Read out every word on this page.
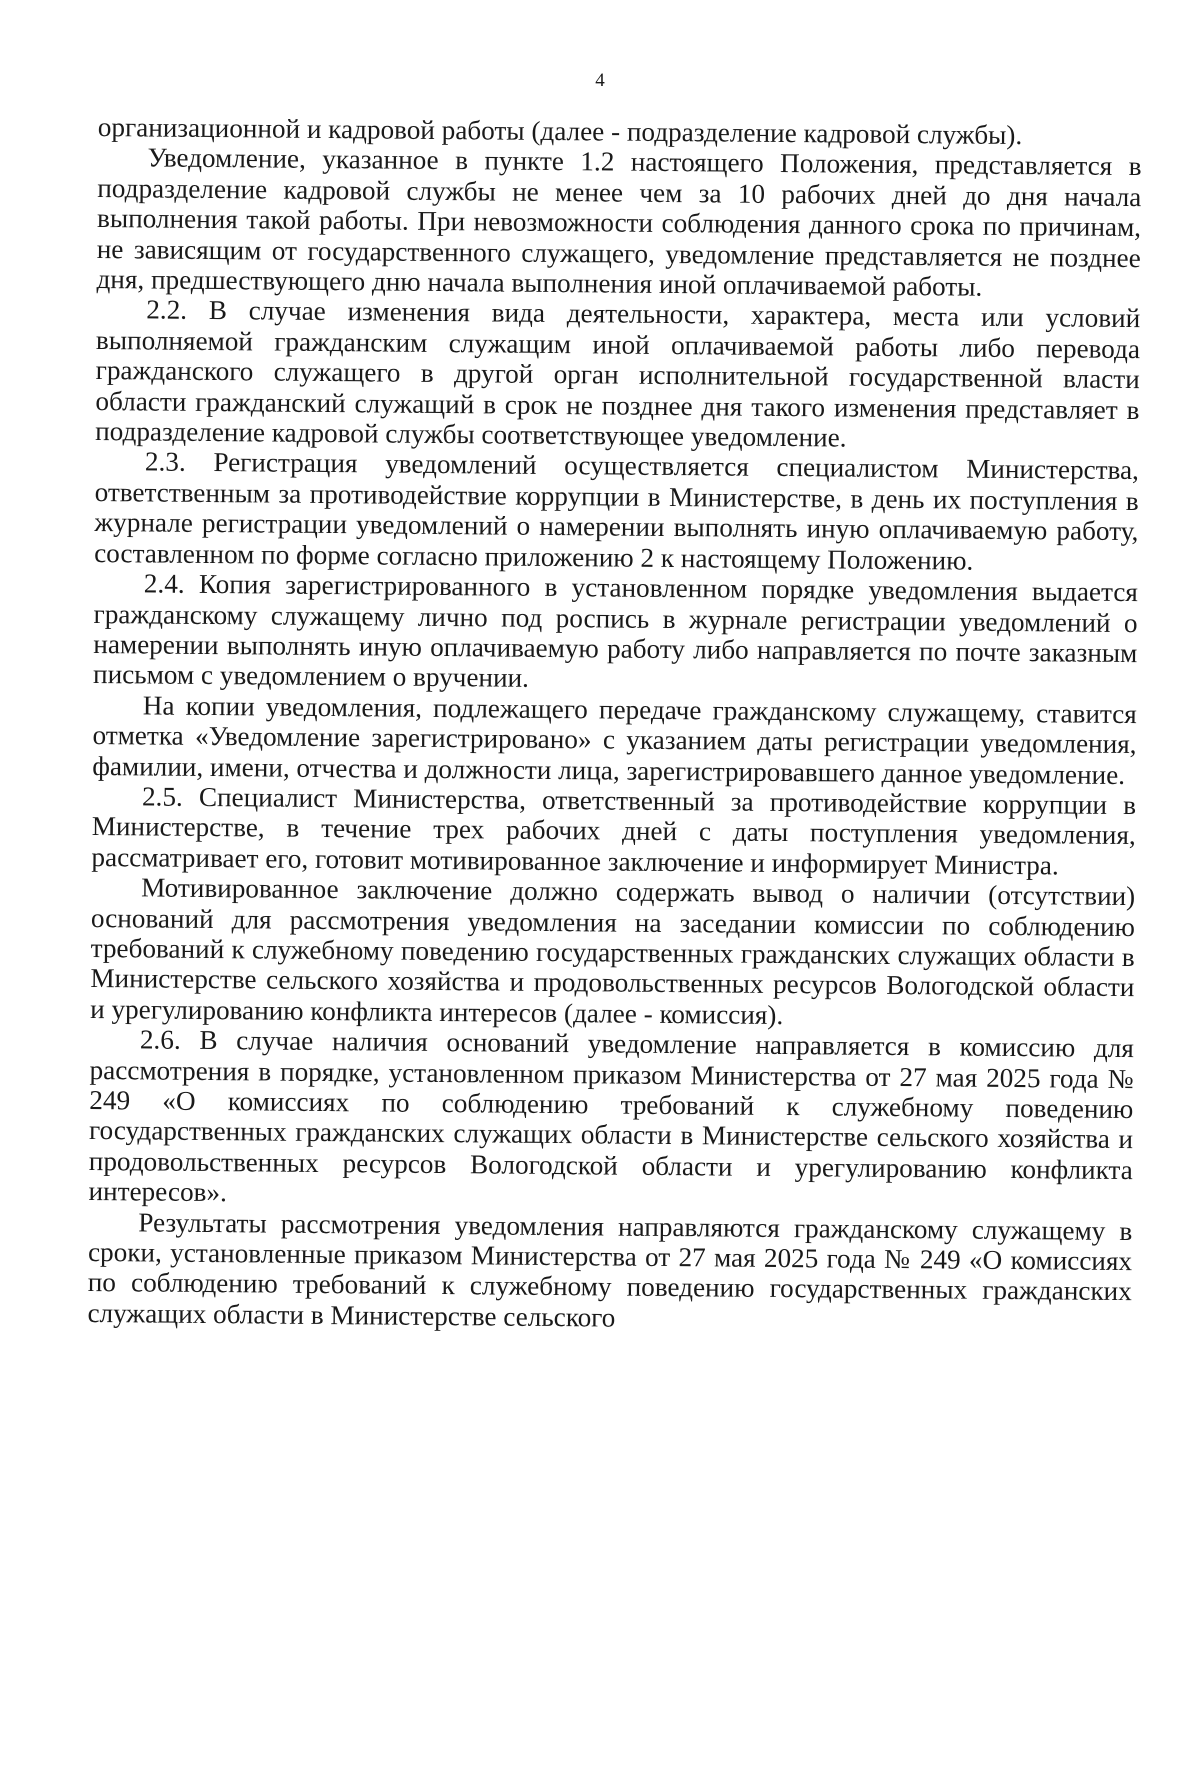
4

организационной и кадровой работы (далее - подразделение кадровой службы).

Уведомление, указанное в пункте 1.2 настоящего Положения, представляется в подразделение кадровой службы не менее чем за 10 рабочих дней до дня начала выполнения такой работы. При невозможности соблюдения данного срока по причинам, не зависящим от государственного служащего, уведомление представляется не позднее дня, предшествующего дню начала выполнения иной оплачиваемой работы.

2.2. В случае изменения вида деятельности, характера, места или условий выполняемой гражданским служащим иной оплачиваемой работы либо перевода гражданского служащего в другой орган исполнительной государственной власти области гражданский служащий в срок не позднее дня такого изменения представляет в подразделение кадровой службы соответствующее уведомление.

2.3. Регистрация уведомлений осуществляется специалистом Министерства, ответственным за противодействие коррупции в Министерстве, в день их поступления в журнале регистрации уведомлений о намерении выполнять иную оплачиваемую работу, составленном по форме согласно приложению 2 к настоящему Положению.

2.4. Копия зарегистрированного в установленном порядке уведомления выдается гражданскому служащему лично под роспись в журнале регистрации уведомлений о намерении выполнять иную оплачиваемую работу либо направляется по почте заказным письмом с уведомлением о вручении.

На копии уведомления, подлежащего передаче гражданскому служащему, ставится отметка «Уведомление зарегистрировано» с указанием даты регистрации уведомления, фамилии, имени, отчества и должности лица, зарегистрировавшего данное уведомление.

2.5. Специалист Министерства, ответственный за противодействие коррупции в Министерстве, в течение трех рабочих дней с даты поступления уведомления, рассматривает его, готовит мотивированное заключение и информирует Министра.

Мотивированное заключение должно содержать вывод о наличии (отсутствии) оснований для рассмотрения уведомления на заседании комиссии по соблюдению требований к служебному поведению государственных гражданских служащих области в Министерстве сельского хозяйства и продовольственных ресурсов Вологодской области и урегулированию конфликта интересов (далее - комиссия).

2.6. В случае наличия оснований уведомление направляется в комиссию для рассмотрения в порядке, установленном приказом Министерства от 27 мая 2025 года № 249 «О комиссиях по соблюдению требований к служебному поведению государственных гражданских служащих области в Министерстве сельского хозяйства и продовольственных ресурсов Вологодской области и урегулированию конфликта интересов».

Результаты рассмотрения уведомления направляются гражданскому служащему в сроки, установленные приказом Министерства от 27 мая 2025 года № 249 «О комиссиях по соблюдению требований к служебному поведению государственных гражданских служащих области в Министерстве сельского
